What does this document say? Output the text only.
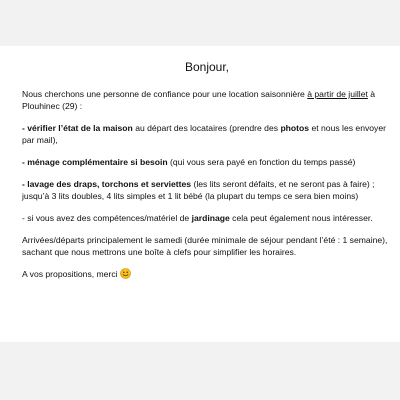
Bonjour,

Nous cherchons une personne de confiance pour une location saisonnière à partir de juillet à Plouhinec (29) :

- vérifier l’état de la maison au départ des locataires (prendre des photos et nous les envoyer par mail),

- ménage complémentaire si besoin (qui vous sera payé en fonction du temps passé)

- lavage des draps, torchons et serviettes (les lits seront défaits, et ne seront pas à faire) ; jusqu’à 3 lits doubles, 4 lits simples et 1 lit bébé (la plupart du temps ce sera bien moins)

- si vous avez des compétences/matériel de jardinage cela peut également nous intéresser.

Arrivées/départs principalement le samedi (durée minimale de séjour pendant l’été : 1 semaine), sachant que nous mettrons une boîte à clefs pour simplifier les horaires.

A vos propositions, merci
